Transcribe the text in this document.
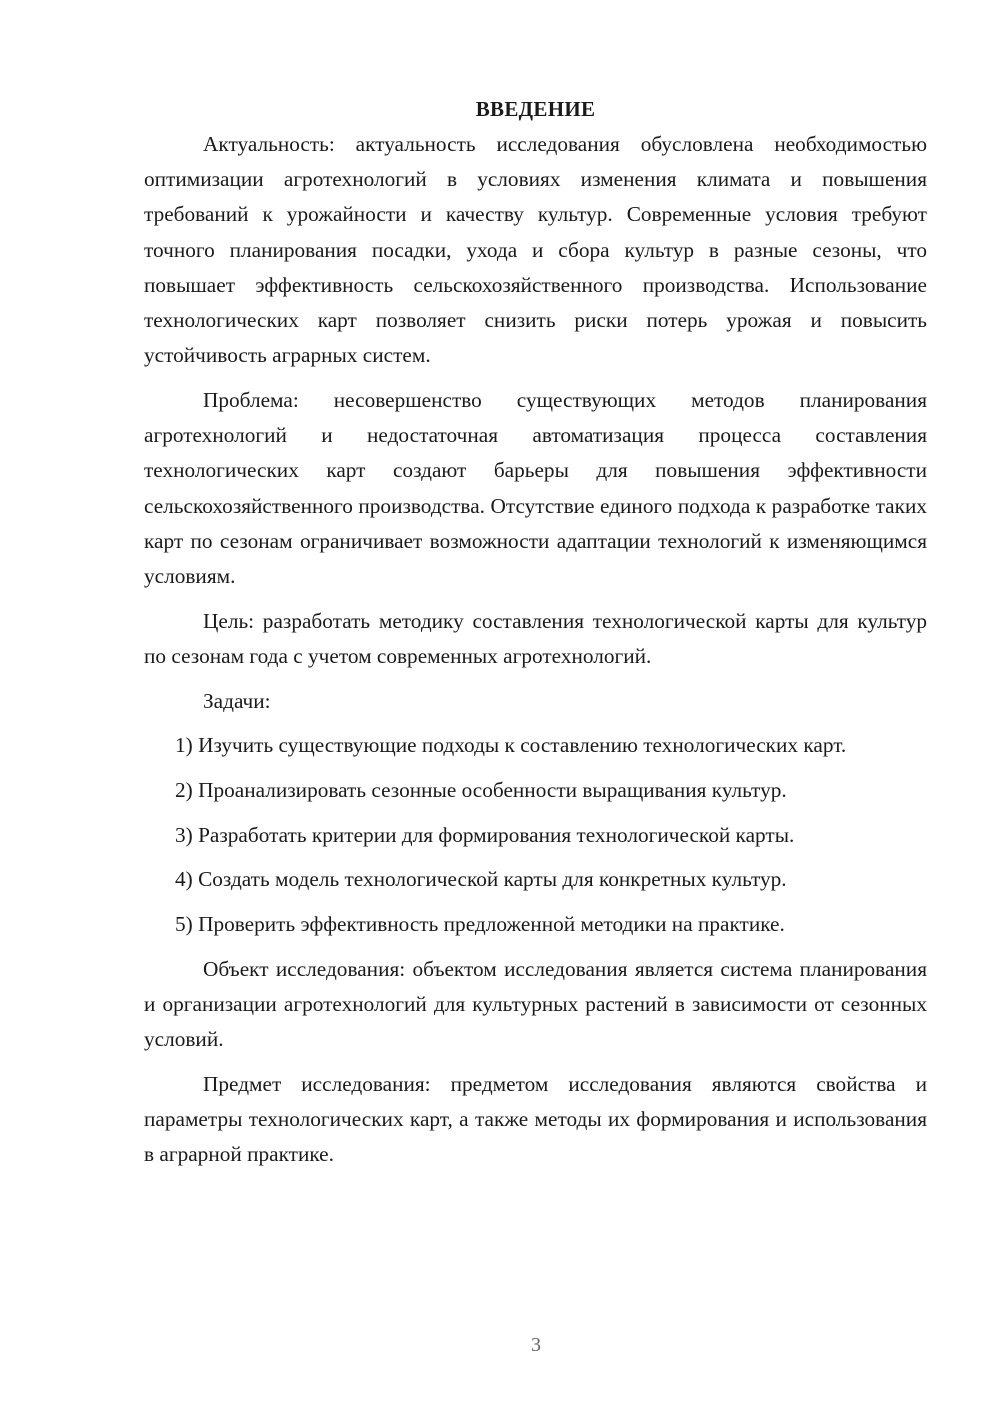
ВВЕДЕНИЕ

Актуальность: актуальность исследования обусловлена необходимостью оптимизации агротехнологий в условиях изменения климата и повышения требований к урожайности и качеству культур. Современные условия требуют точного планирования посадки, ухода и сбора культур в разные сезоны, что повышает эффективность сельскохозяйственного производства. Использование технологических карт позволяет снизить риски потерь урожая и повысить устойчивость аграрных систем.

Проблема: несовершенство существующих методов планирования агротехнологий и недостаточная автоматизация процесса составления технологических карт создают барьеры для повышения эффективности сельскохозяйственного производства. Отсутствие единого подхода к разработке таких карт по сезонам ограничивает возможности адаптации технологий к изменяющимся условиям.

Цель: разработать методику составления технологической карты для культур по сезонам года с учетом современных агротехнологий.

Задачи:

1) Изучить существующие подходы к составлению технологических карт.

2) Проанализировать сезонные особенности выращивания культур.

3) Разработать критерии для формирования технологической карты.

4) Создать модель технологической карты для конкретных культур.

5) Проверить эффективность предложенной методики на практике.

Объект исследования: объектом исследования является система планирования и организации агротехнологий для культурных растений в зависимости от сезонных условий.

Предмет исследования: предметом исследования являются свойства и параметры технологических карт, а также методы их формирования и использования в аграрной практике.

3
